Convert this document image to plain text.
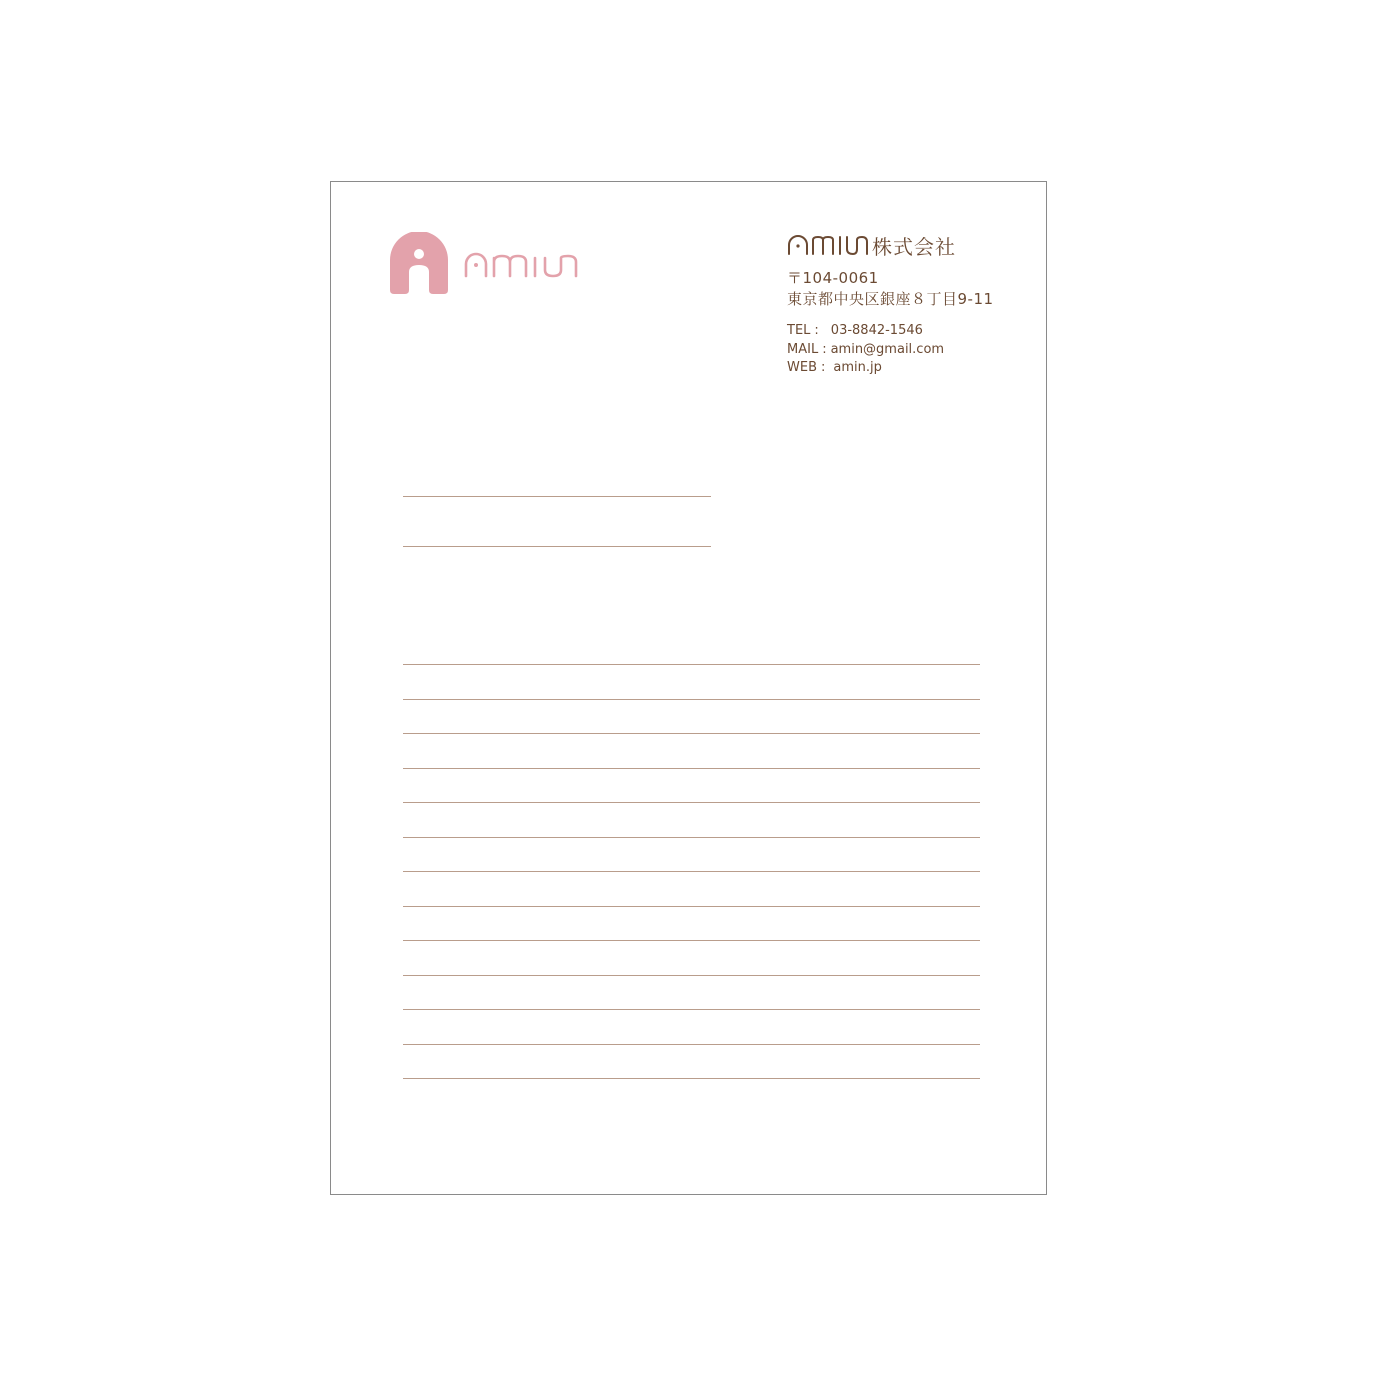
株式会社
〒104-0061
東京都中央区銀座８丁目9-11
TEL : 03-8842-1546
MAIL : amin@gmail.com
WEB : amin.jp
